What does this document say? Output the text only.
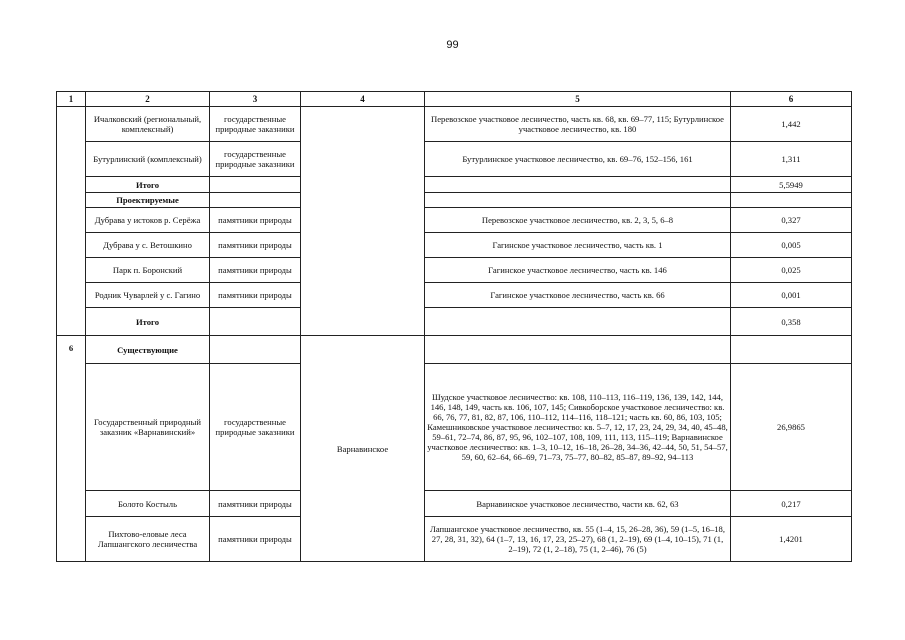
99
1	2	3	4	5	6
	Ичалковский (региональный, комплексный)	государственные природные заказники		Перевозское участковое лесничество, часть кв. 68, кв. 69–77, 115; Бутурлинское участковое лесничество, кв. 180	1,442
	Бутурлинский (комплексный)	государственные природные заказники		Бутурлинское участковое лесничество, кв. 69–76, 152–156, 161	1,311
	Итого				5,5949
	Проектируемые				
	Дубрава у истоков р. Серёжа	памятники природы		Перевозское участковое лесничество, кв. 2, 3, 5, 6–8	0,327
	Дубрава у с. Ветошкино	памятники природы		Гагинское участковое лесничество, часть кв. 1	0,005
	Парк п. Боронский	памятники природы		Гагинское участковое лесничество, часть кв. 146	0,025
	Родник Чуварлей у с. Гагино	памятники природы		Гагинское участковое лесничество, часть кв. 66	0,001
	Итого				0,358
6	Существующие		Варнавинское		
	Государственный природный заказник «Варнавинский»	государственные природные заказники		Шудское участковое лесничество: кв. 108, 110–113, 116–119, 136, 139, 142, 144, 146, 148, 149, часть кв. 106, 107, 145; Сивкоборское участковое лесничество: кв. 66, 76, 77, 81, 82, 87, 106, 110–112, 114–116, 118–121; часть кв. 60, 86, 103, 105; Камешниковское участковое лесничество: кв. 5–7, 12, 17, 23, 24, 29, 34, 40, 45–48, 59–61, 72–74, 86, 87, 95, 96, 102–107, 108, 109, 111, 113, 115–119; Варнавинское участковое лесничество: кв. 1–3, 10–12, 16–18, 26–28, 34–36, 42–44, 50, 51, 54–57, 59, 60, 62–64, 66–69, 71–73, 75–77, 80–82, 85–87, 89–92, 94–113	26,9865
	Болото Костыль	памятники природы		Варнавинское участковое лесничество, части кв. 62, 63	0,217
	Пихтово-еловые леса Лапшангского лесничества	памятники природы		Лапшангское участковое лесничество, кв. 55 (1–4, 15, 26–28, 36), 59 (1–5, 16–18, 27, 28, 31, 32), 64 (1–7, 13, 16, 17, 23, 25–27), 68 (1, 2–19), 69 (1–4, 10–15), 71 (1, 2–19), 72 (1, 2–18), 75 (1, 2–46), 76 (5)	1,4201
